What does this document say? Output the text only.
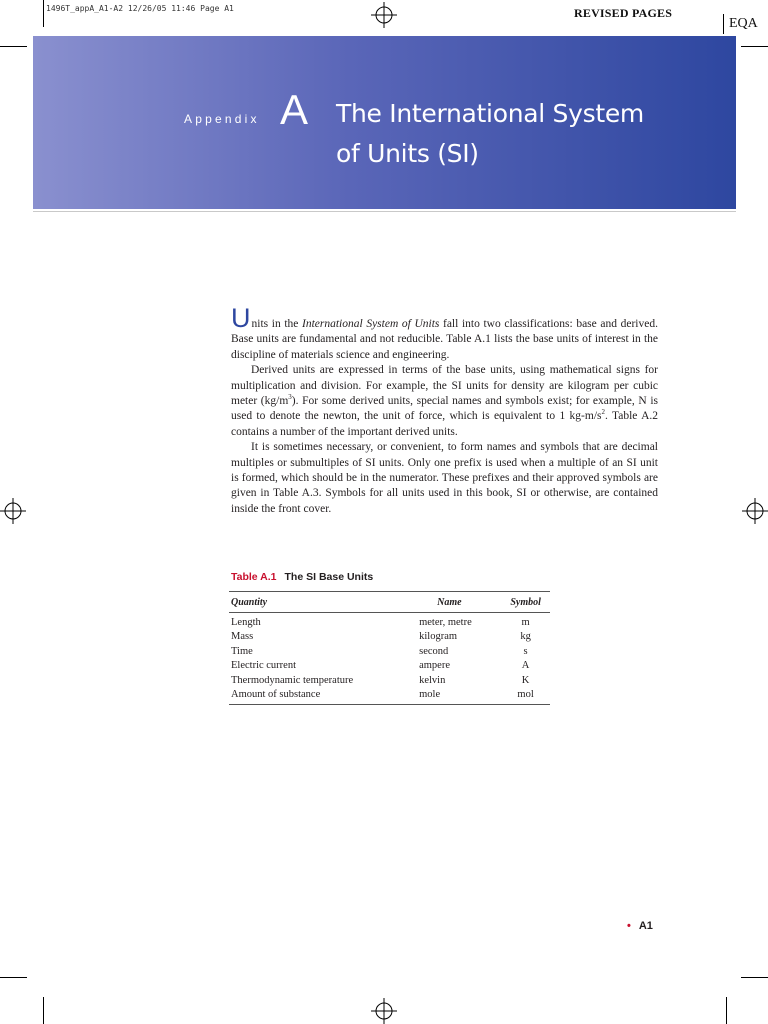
1496T_appA_A1-A2 12/26/05 11:46 Page A1	REVISED PAGES
EQA
Appendix A The International System
of Units (SI)

Units in the International System of Units fall into two classifications: base and derived. Base units are fundamental and not reducible. Table A.1 lists the base units of interest in the discipline of materials science and engineering.

Derived units are expressed in terms of the base units, using mathematical signs for multiplication and division. For example, the SI units for density are kilogram per cubic meter $(kg/m^3)$. For some derived units, special names and symbols exist; for example, N is used to denote the newton, the unit of force, which is equivalent to 1 $kg-m/s^2$. Table A.2 contains a number of the important derived units.

It is sometimes necessary, or convenient, to form names and symbols that are decimal multiples or submultiples of SI units. Only one prefix is used when a multiple of an SI unit is formed, which should be in the numerator. These prefixes and their approved symbols are given in Table A.3. Symbols for all units used in this book, SI or otherwise, are contained inside the front cover.

Table A.1 The SI Base Units
Quantity	Name	Symbol
Length	meter, metre	m
Mass	kilogram	kg
Time	second	s
Electric current	ampere	A
Thermodynamic temperature	kelvin	K
Amount of substance	mole	mol
• A1
